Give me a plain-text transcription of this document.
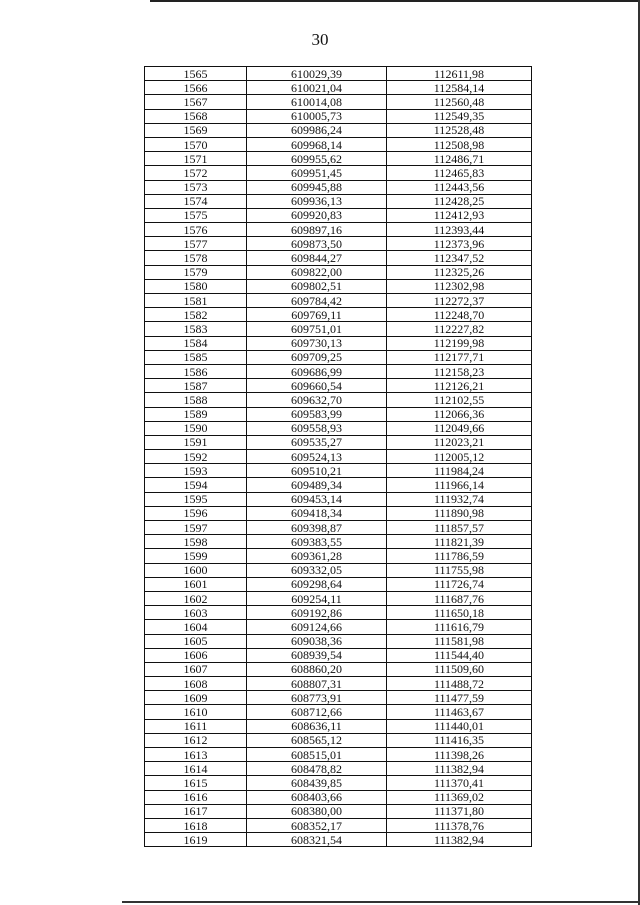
30
1565	610029,39	112611,98
1566	610021,04	112584,14
1567	610014,08	112560,48
1568	610005,73	112549,35
1569	609986,24	112528,48
1570	609968,14	112508,98
1571	609955,62	112486,71
1572	609951,45	112465,83
1573	609945,88	112443,56
1574	609936,13	112428,25
1575	609920,83	112412,93
1576	609897,16	112393,44
1577	609873,50	112373,96
1578	609844,27	112347,52
1579	609822,00	112325,26
1580	609802,51	112302,98
1581	609784,42	112272,37
1582	609769,11	112248,70
1583	609751,01	112227,82
1584	609730,13	112199,98
1585	609709,25	112177,71
1586	609686,99	112158,23
1587	609660,54	112126,21
1588	609632,70	112102,55
1589	609583,99	112066,36
1590	609558,93	112049,66
1591	609535,27	112023,21
1592	609524,13	112005,12
1593	609510,21	111984,24
1594	609489,34	111966,14
1595	609453,14	111932,74
1596	609418,34	111890,98
1597	609398,87	111857,57
1598	609383,55	111821,39
1599	609361,28	111786,59
1600	609332,05	111755,98
1601	609298,64	111726,74
1602	609254,11	111687,76
1603	609192,86	111650,18
1604	609124,66	111616,79
1605	609038,36	111581,98
1606	608939,54	111544,40
1607	608860,20	111509,60
1608	608807,31	111488,72
1609	608773,91	111477,59
1610	608712,66	111463,67
1611	608636,11	111440,01
1612	608565,12	111416,35
1613	608515,01	111398,26
1614	608478,82	111382,94
1615	608439,85	111370,41
1616	608403,66	111369,02
1617	608380,00	111371,80
1618	608352,17	111378,76
1619	608321,54	111382,94
